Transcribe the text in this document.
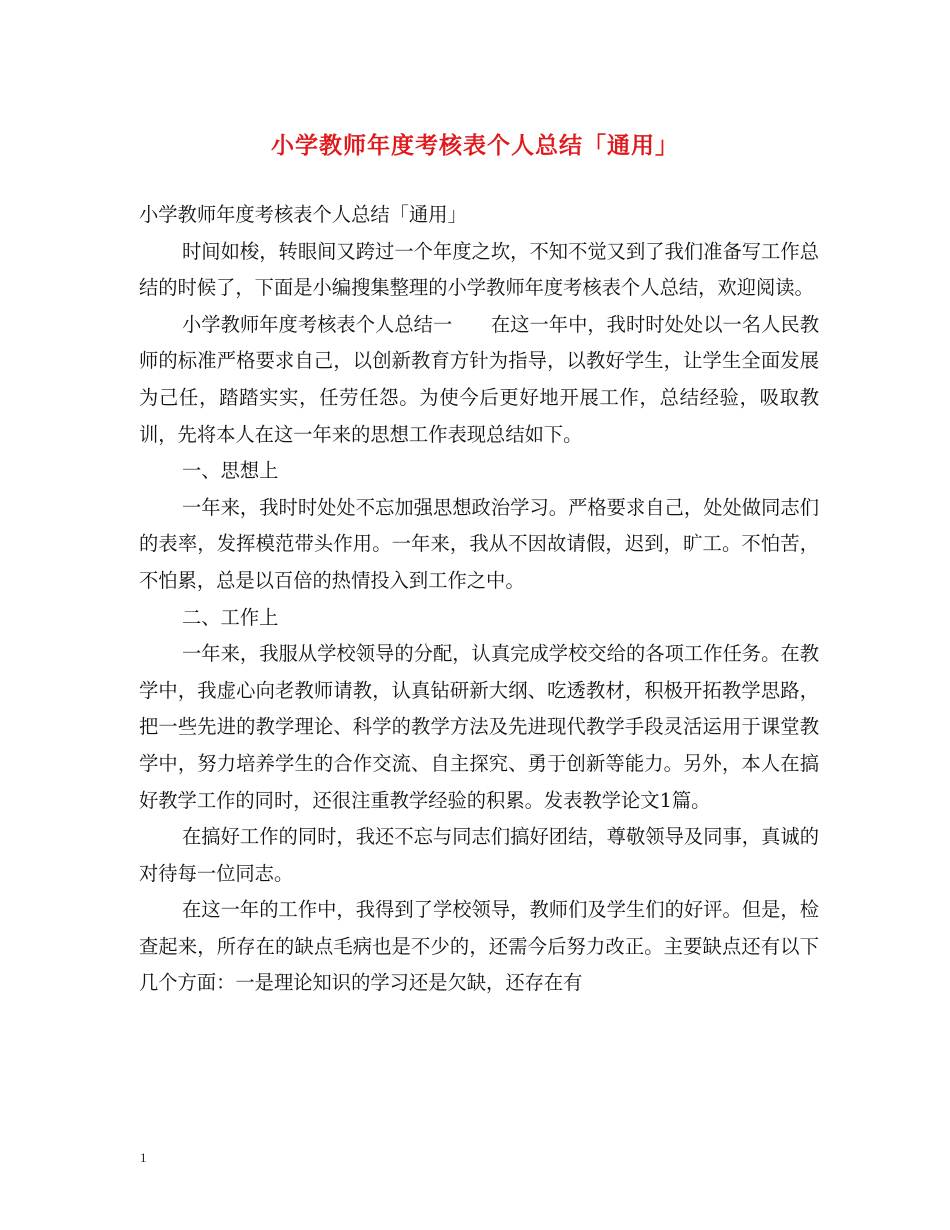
小学教师年度考核表个人总结「通用」

小学教师年度考核表个人总结「通用」

时间如梭，转眼间又跨过一个年度之坎，不知不觉又到了我们准备写工作总结的时候了，下面是小编搜集整理的小学教师年度考核表个人总结，欢迎阅读。

小学教师年度考核表个人总结一　　在这一年中，我时时处处以一名人民教师的标准严格要求自己，以创新教育方针为指导，以教好学生，让学生全面发展为己任，踏踏实实，任劳任怨。为使今后更好地开展工作，总结经验，吸取教训，先将本人在这一年来的思想工作表现总结如下。

一、思想上

一年来，我时时处处不忘加强思想政治学习。严格要求自己，处处做同志们的表率，发挥模范带头作用。一年来，我从不因故请假，迟到，旷工。不怕苦，不怕累，总是以百倍的热情投入到工作之中。

二、工作上

一年来，我服从学校领导的分配，认真完成学校交给的各项工作任务。在教学中，我虚心向老教师请教，认真钻研新大纲、吃透教材，积极开拓教学思路，把一些先进的教学理论、科学的教学方法及先进现代教学手段灵活运用于课堂教学中，努力培养学生的合作交流、自主探究、勇于创新等能力。另外，本人在搞好教学工作的同时，还很注重教学经验的积累。发表教学论文1篇。

在搞好工作的同时，我还不忘与同志们搞好团结，尊敬领导及同事，真诚的对待每一位同志。

在这一年的工作中，我得到了学校领导，教师们及学生们的好评。但是，检查起来，所存在的缺点毛病也是不少的，还需今后努力改正。主要缺点还有以下几个方面：一是理论知识的学习还是欠缺，还存在有

1
